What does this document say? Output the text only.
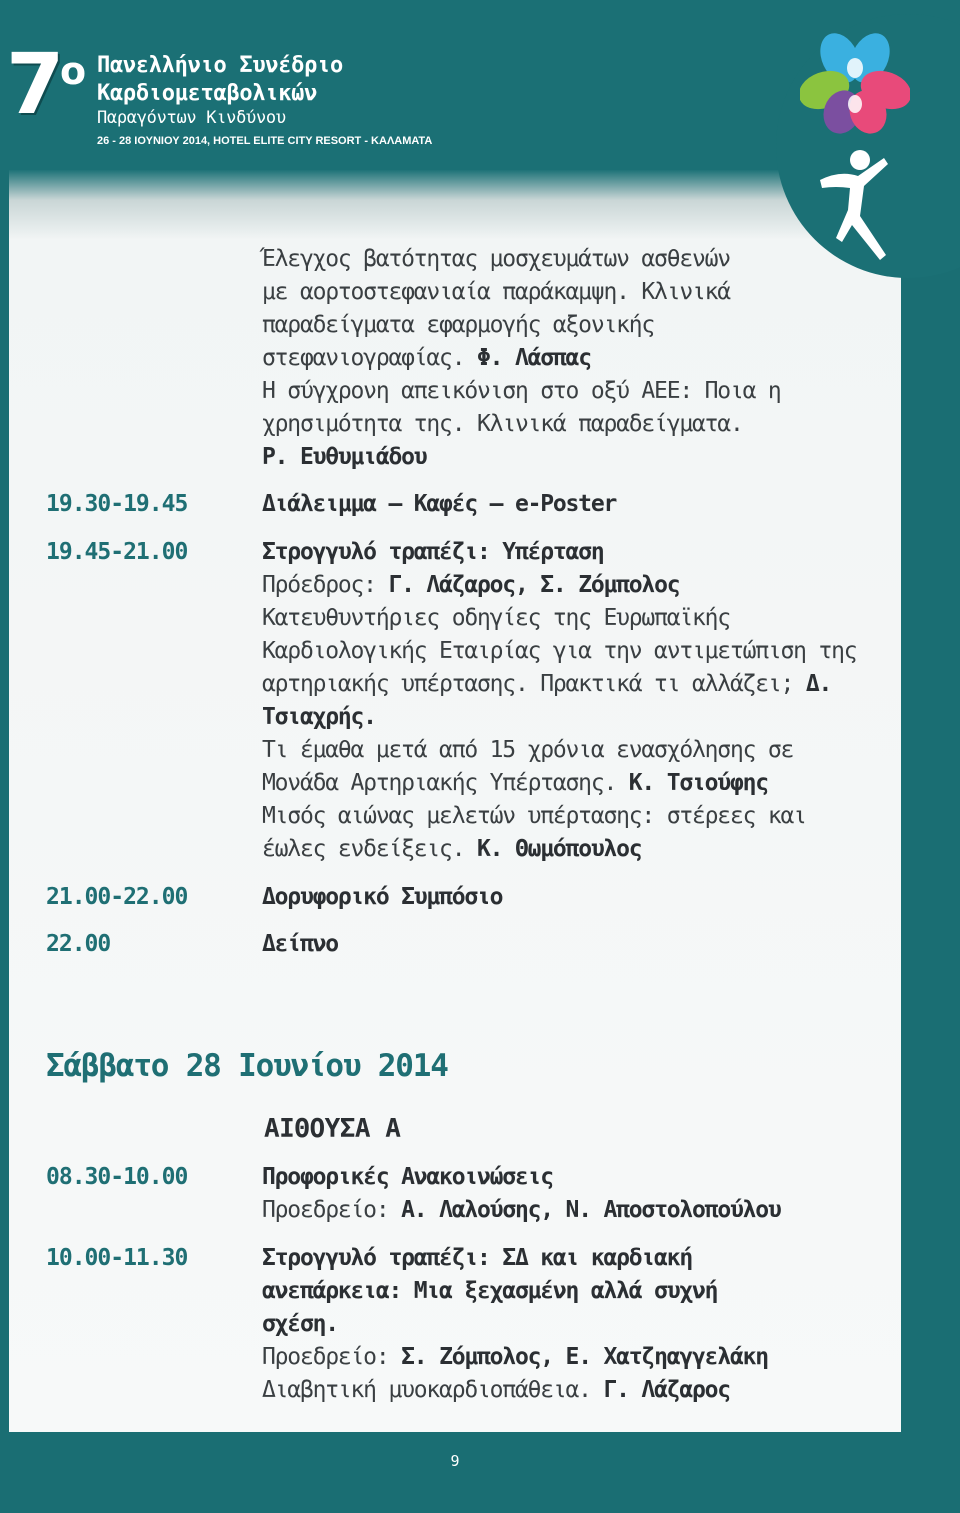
7 ο Πανελλήνιο Συνέδριο
Καρδιομεταβολικών
Παραγόντων Κινδύνου
26 - 28 ΙΟΥΝΙΟΥ 2014, HOTEL ELITE CITY RESORT - ΚΑΛΑΜΑΤΑ
Έλεγχος βατότητας μοσχευμάτων ασθενών
με αορτοστεφανιαία παράκαμψη. Κλινικά
παραδείγματα εφαρμογής αξονικής
στεφανιογραφίας. Φ. Λάσπας
Η σύγχρονη απεικόνιση στο οξύ ΑΕΕ: Ποια η
χρησιμότητα της. Κλινικά παραδείγματα.
Ρ. Ευθυμιάδου
19.30-19.45	Διάλειμμα – Καφές – e-Poster
19.45-21.00	Στρογγυλό τραπέζι: Υπέρταση
Πρόεδρος: Γ. Λάζαρος, Σ. Ζόμπολος
Κατευθυντήριες οδηγίες της Ευρωπαϊκής
Καρδιολογικής Εταιρίας για την αντιμετώπιση της
αρτηριακής υπέρτασης. Πρακτικά τι αλλάζει; Δ.
Τσιαχρής.
Τι έμαθα μετά από 15 χρόνια ενασχόλησης σε
Μονάδα Αρτηριακής Υπέρτασης. Κ. Τσιούφης
Μισός αιώνας μελετών υπέρτασης: στέρεες και
έωλες ενδείξεις. Κ. Θωμόπουλος
21.00-22.00	Δορυφορικό Συμπόσιο
22.00	Δείπνο
Σάββατο 28 Ιουνίου 2014
ΑΙΘΟΥΣΑ Α
08.30-10.00	Προφορικές Ανακοινώσεις
Προεδρείο: Α. Λαλούσης, Ν. Αποστολοπούλου
10.00-11.30	Στρογγυλό τραπέζι: ΣΔ και καρδιακή
ανεπάρκεια: Μια ξεχασμένη αλλά συχνή
σχέση.
Προεδρείο: Σ. Ζόμπολος, Ε. Χατζηαγγελάκη
Διαβητική μυοκαρδιοπάθεια. Γ. Λάζαρος
9
